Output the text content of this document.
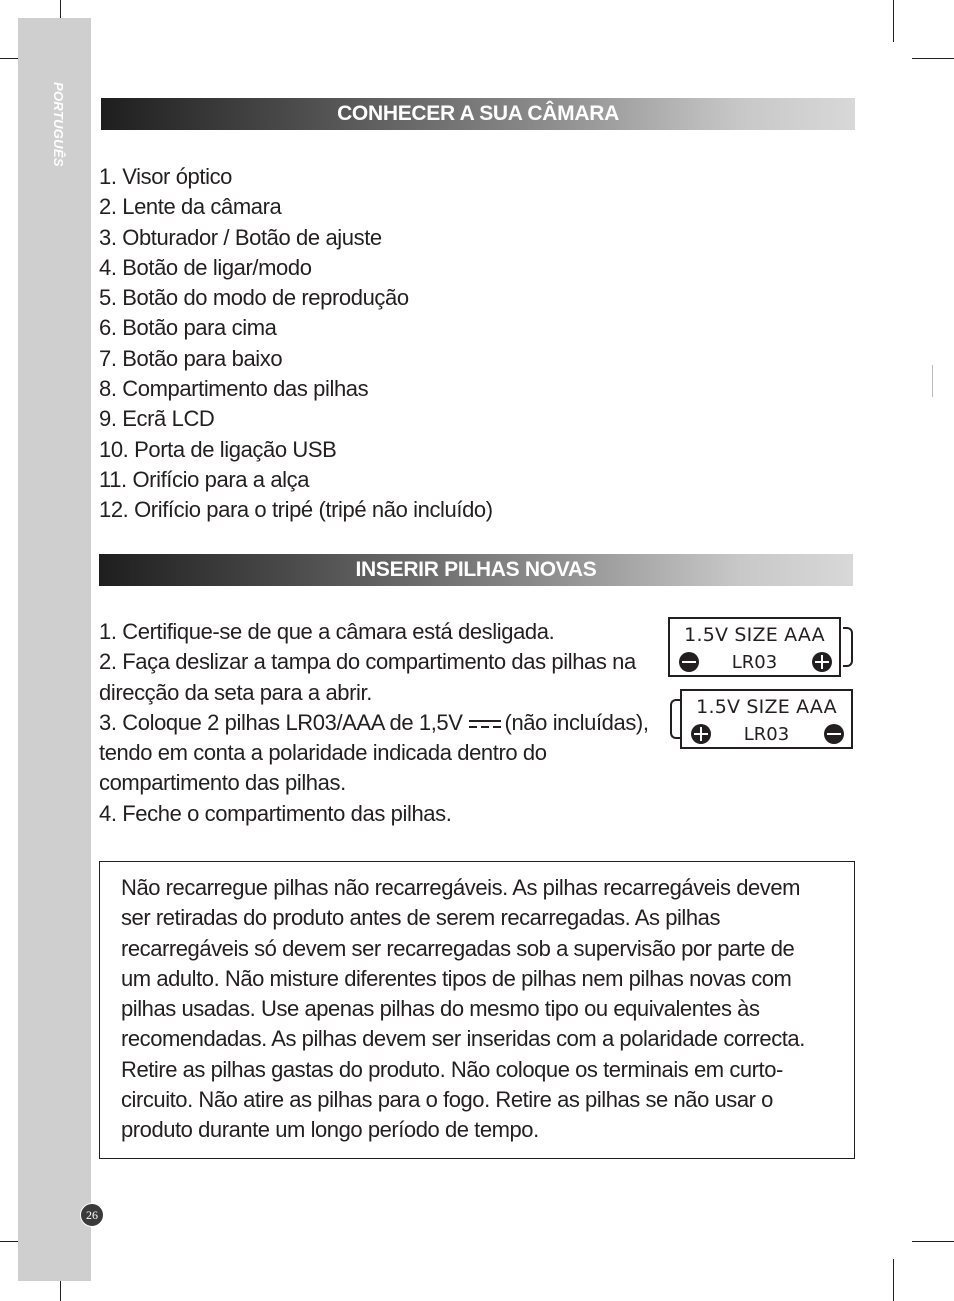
PORTUGUÊS
26
CONHECER A SUA CÂMARA
1. Visor óptico
2. Lente da câmara
3. Obturador / Botão de ajuste
4. Botão de ligar/modo
5. Botão do modo de reprodução
6. Botão para cima
7. Botão para baixo
8. Compartimento das pilhas
9. Ecrã LCD
10. Porta de ligação USB
11. Orifício para a alça
12. Orifício para o tripé (tripé não incluído)
INSERIR PILHAS NOVAS

1. Certifique-se de que a câmara está desligada.

2. Faça deslizar a tampa do compartimento das pilhas na direcção da seta para a abrir.

3. Coloque 2 pilhas LR03/AAA de 1,5V (não incluídas), tendo em conta a polaridade indicada dentro do compartimento das pilhas.

4. Feche o compartimento das pilhas.

1.5V SIZE AAA
LR03
1.5V SIZE AAA
LR03

Não recarregue pilhas não recarregáveis. As pilhas recarregáveis devem ser retiradas do produto antes de serem recarregadas. As pilhas recarregáveis só devem ser recarregadas sob a supervisão por parte de um adulto. Não misture diferentes tipos de pilhas nem pilhas novas com pilhas usadas. Use apenas pilhas do mesmo tipo ou equivalentes às recomendadas. As pilhas devem ser inseridas com a polaridade correcta. Retire as pilhas gastas do produto. Não coloque os terminais em curto-circuito. Não atire as pilhas para o fogo. Retire as pilhas se não usar o produto durante um longo período de tempo.
